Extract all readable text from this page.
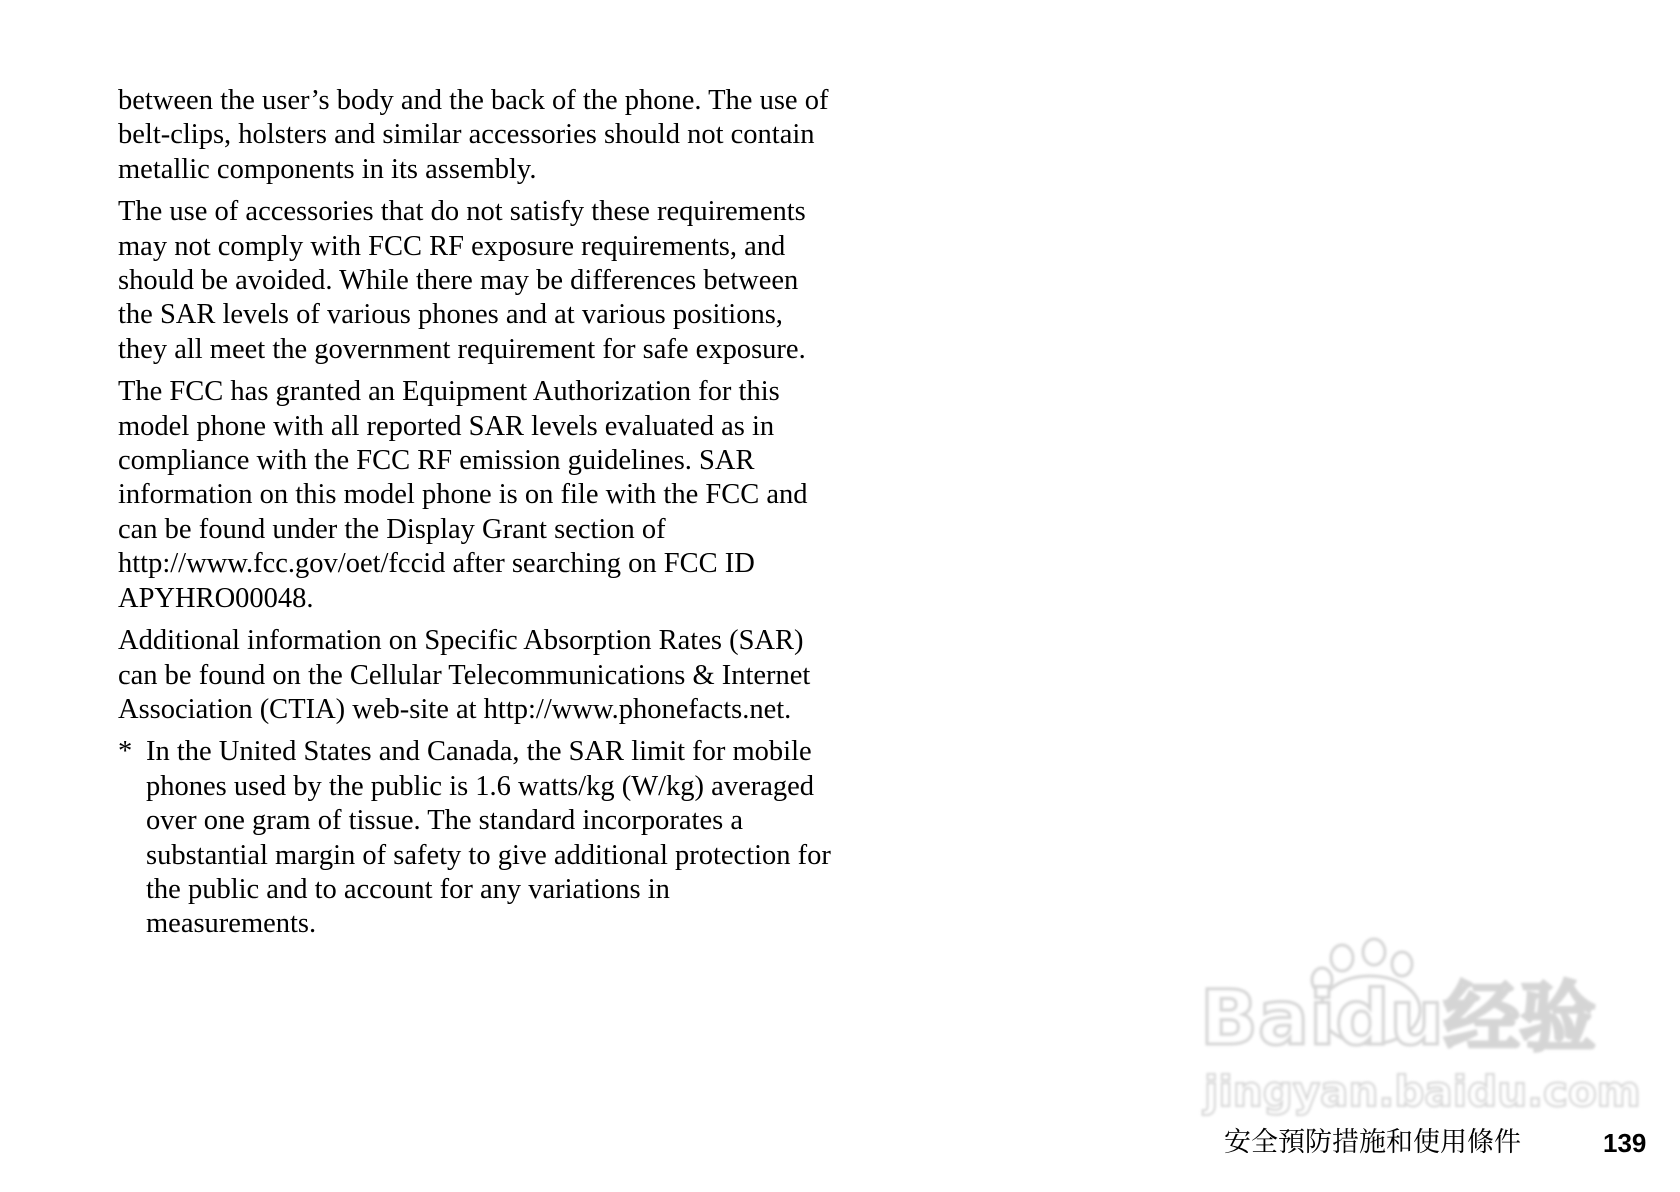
between the user’s body and the back of the phone. The use of belt-clips, holsters and similar accessories should not contain metallic components in its assembly.

The use of accessories that do not satisfy these requirements may not comply with FCC RF exposure requirements, and should be avoided. While there may be differences between the SAR levels of various phones and at various positions, they all meet the government requirement for safe exposure.

The FCC has granted an Equipment Authorization for this model phone with all reported SAR levels evaluated as in compliance with the FCC RF emission guidelines. SAR information on this model phone is on file with the FCC and can be found under the Display Grant section of http://www.fcc.gov/oet/fccid after searching on FCC ID APYHRO00048.

Additional information on Specific Absorption Rates (SAR) can be found on the Cellular Telecommunications & Internet Association (CTIA) web-site at http://www.phonefacts.net.

* In the United States and Canada, the SAR limit for mobile phones used by the public is 1.6 watts/kg (W/kg) averaged over one gram of tissue. The standard incorporates a substantial margin of safety to give additional protection for the public and to account for any variations in measurements.
Baidu经验
jingyan.baidu.com
安全預防措施和使用條件	139
